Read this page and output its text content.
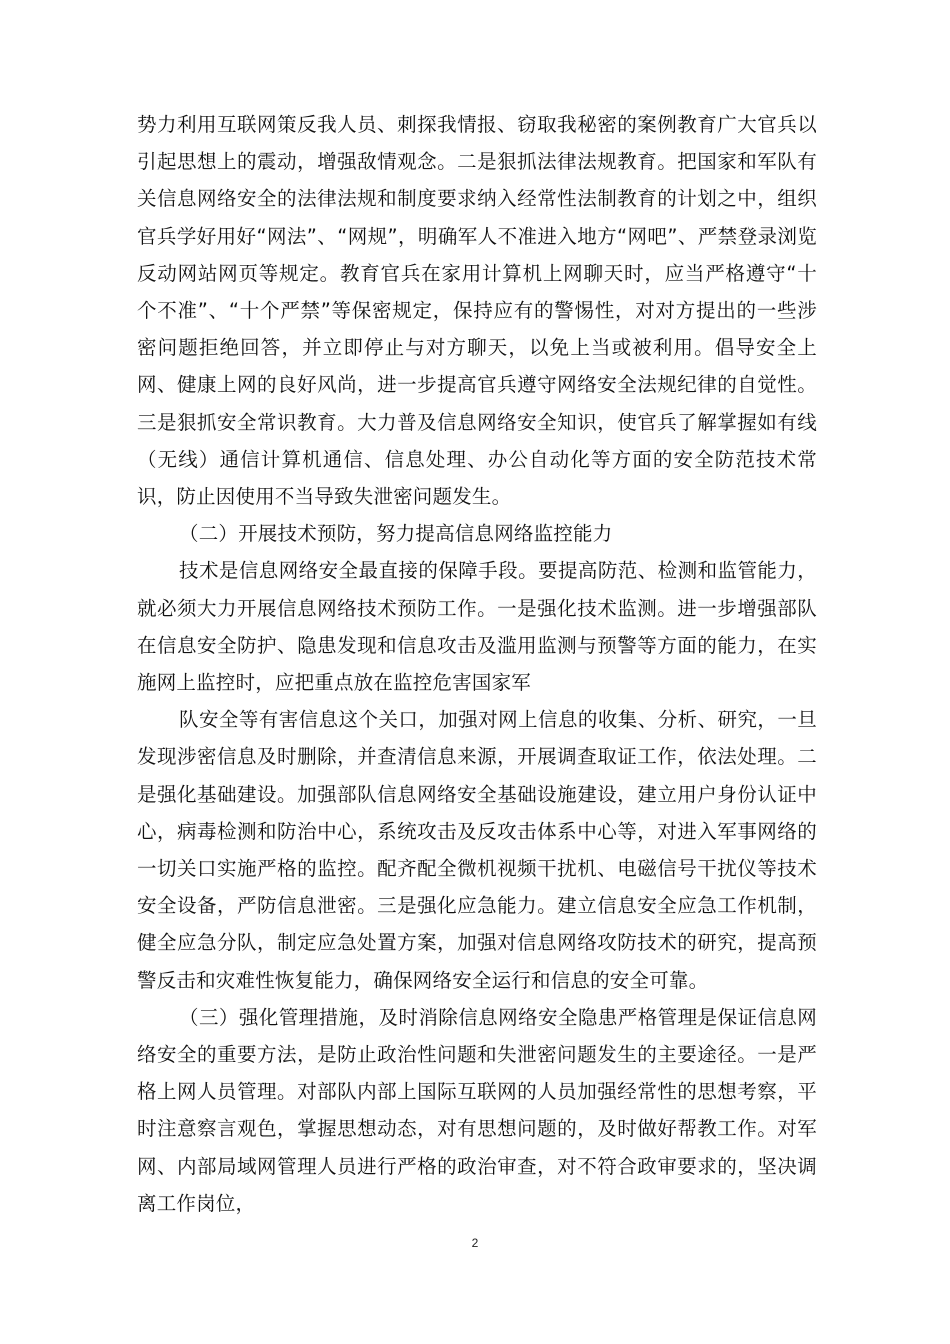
势力利用互联网策反我人员、刺探我情报、窃取我秘密的案例教育广大官兵以引起思想上的震动，增强敌情观念。二是狠抓法律法规教育。把国家和军队有关信息网络安全的法律法规和制度要求纳入经常性法制教育的计划之中，组织官兵学好用好“网法”、“网规”，明确军人不准进入地方“网吧”、严禁登录浏览反动网站网页等规定。教育官兵在家用计算机上网聊天时，应当严格遵守“十个不准”、“十个严禁”等保密规定，保持应有的警惕性，对对方提出的一些涉密问题拒绝回答，并立即停止与对方聊天，以免上当或被利用。倡导安全上网、健康上网的良好风尚，进一步提高官兵遵守网络安全法规纪律的自觉性。三是狠抓安全常识教育。大力普及信息网络安全知识，使官兵了解掌握如有线（无线）通信计算机通信、信息处理、办公自动化等方面的安全防范技术常识，防止因使用不当导致失泄密问题发生。

（二）开展技术预防，努力提高信息网络监控能力

技术是信息网络安全最直接的保障手段。要提高防范、检测和监管能力，就必须大力开展信息网络技术预防工作。一是强化技术监测。进一步增强部队在信息安全防护、隐患发现和信息攻击及滥用监测与预警等方面的能力，在实施网上监控时，应把重点放在监控危害国家军

队安全等有害信息这个关口，加强对网上信息的收集、分析、研究，一旦发现涉密信息及时删除，并查清信息来源，开展调查取证工作，依法处理。二是强化基础建设。加强部队信息网络安全基础设施建设，建立用户身份认证中心，病毒检测和防治中心，系统攻击及反攻击体系中心等，对进入军事网络的一切关口实施严格的监控。配齐配全微机视频干扰机、电磁信号干扰仪等技术安全设备，严防信息泄密。三是强化应急能力。建立信息安全应急工作机制，健全应急分队，制定应急处置方案，加强对信息网络攻防技术的研究，提高预警反击和灾难性恢复能力，确保网络安全运行和信息的安全可靠。

（三）强化管理措施，及时消除信息网络安全隐患严格管理是保证信息网络安全的重要方法，是防止政治性问题和失泄密问题发生的主要途径。一是严格上网人员管理。对部队内部上国际互联网的人员加强经常性的思想考察，平时注意察言观色，掌握思想动态，对有思想问题的，及时做好帮教工作。对军网、内部局域网管理人员进行严格的政治审查，对不符合政审要求的，坚决调离工作岗位，

2
